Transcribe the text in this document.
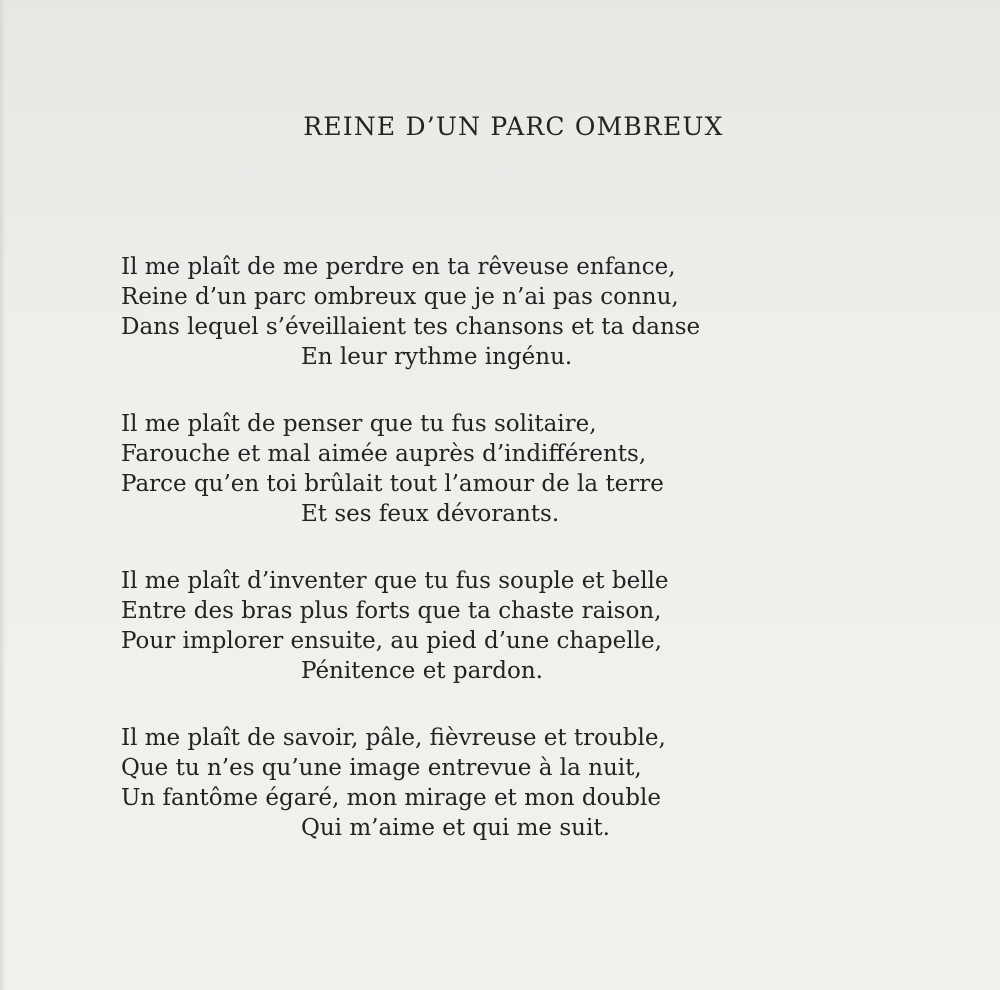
REINE D’UN PARC OMBREUX
Il me plaît de me perdre en ta rêveuse enfance,
Reine d’un parc ombreux que je n’ai pas connu,
Dans lequel s’éveillaient tes chansons et ta danse
En leur rythme ingénu.
Il me plaît de penser que tu fus solitaire,
Farouche et mal aimée auprès d’indifférents,
Parce qu’en toi brûlait tout l’amour de la terre
Et ses feux dévorants.
Il me plaît d’inventer que tu fus souple et belle
Entre des bras plus forts que ta chaste raison,
Pour implorer ensuite, au pied d’une chapelle,
Pénitence et pardon.
Il me plaît de savoir, pâle, fièvreuse et trouble,
Que tu n’es qu’une image entrevue à la nuit,
Un fantôme égaré, mon mirage et mon double
Qui m’aime et qui me suit.
